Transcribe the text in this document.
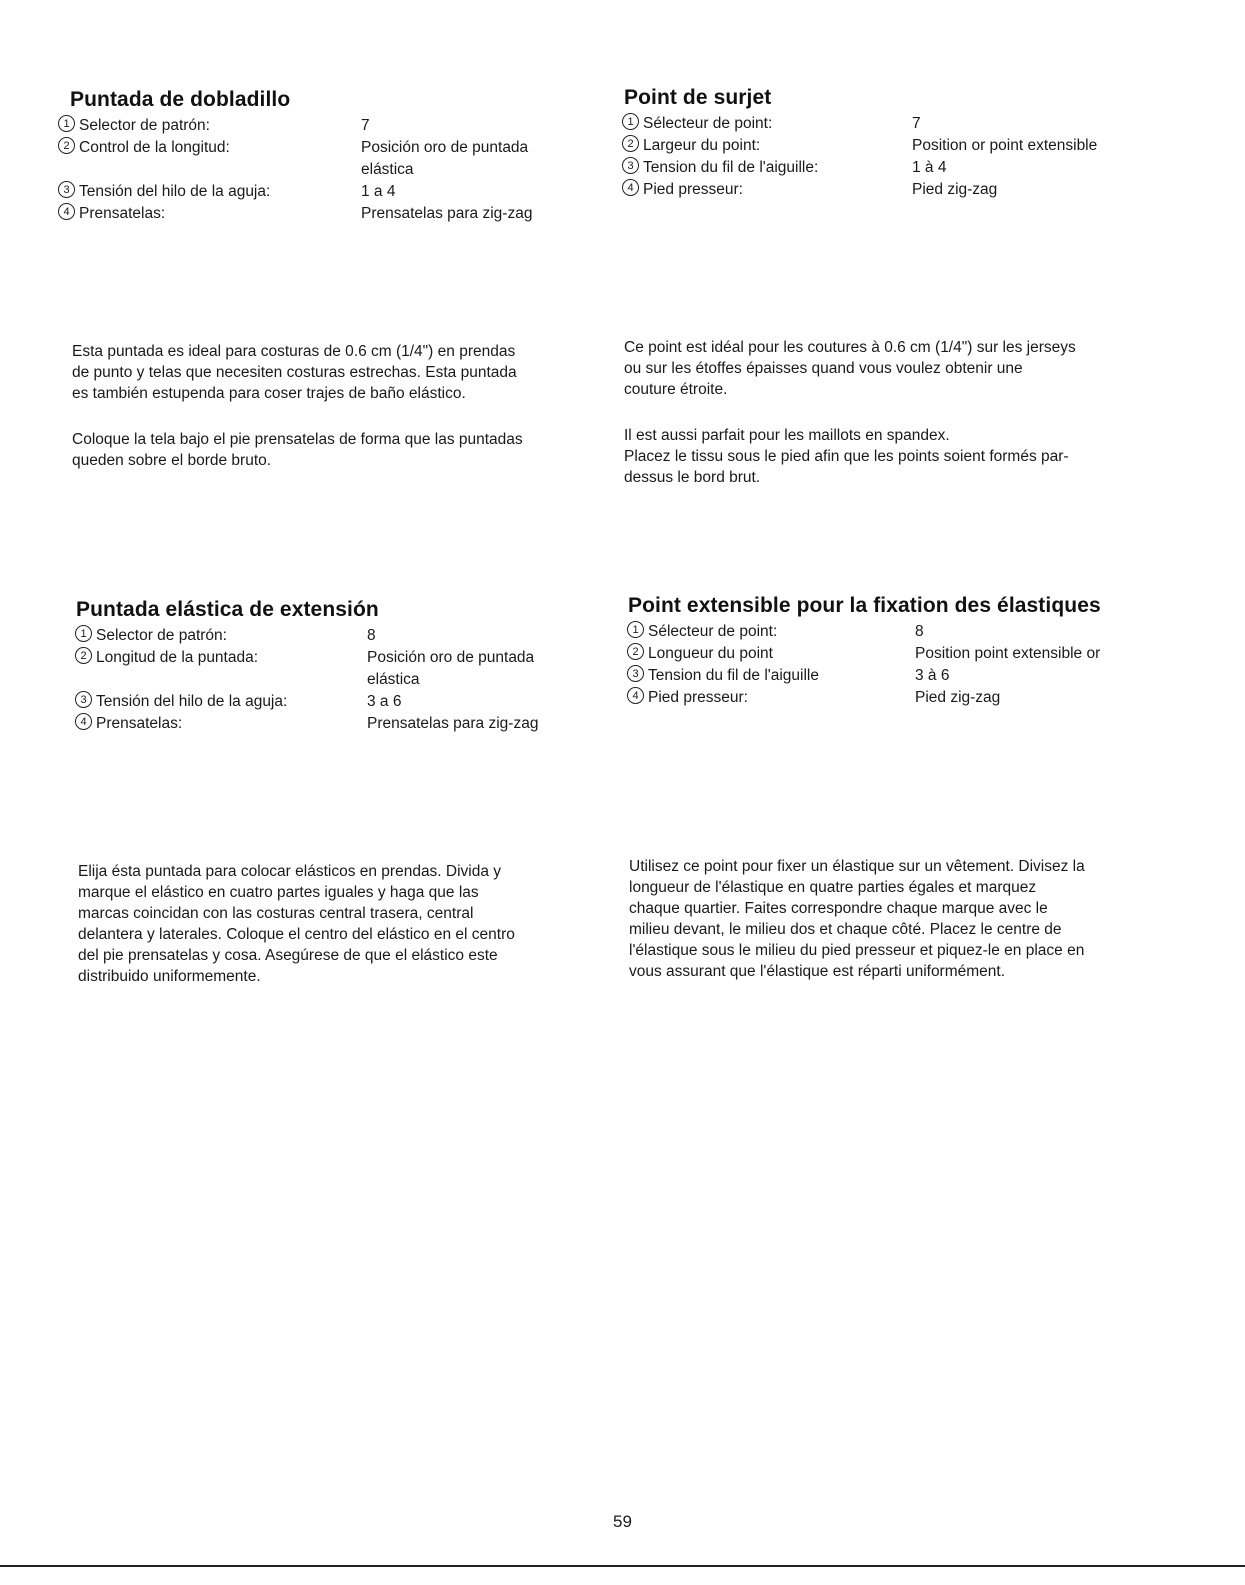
Puntada de dobladillo
1 Selector de patrón:	7
2 Control de la longitud:	Posición oro de puntada
elástica
3 Tensión del hilo de la aguja:	1 a 4
4 Prensatelas:	Prensatelas para zig-zag

Esta puntada es ideal para costuras de 0.6 cm (1/4") en prendas

de punto y telas que necesiten costuras estrechas. Esta puntada

es también estupenda para coser trajes de baño elástico.

Coloque la tela bajo el pie prensatelas de forma que las puntadas

queden sobre el borde bruto.

Point de surjet
1 Sélecteur de point:	7
2 Largeur du point:	Position or point extensible
3 Tension du fil de l'aiguille:	1 à 4
4 Pied presseur:	Pied zig-zag

Ce point est idéal pour les coutures à 0.6 cm (1/4") sur les jerseys

ou sur les étoffes épaisses quand vous voulez obtenir une

couture étroite.

Il est aussi parfait pour les maillots en spandex.

Placez le tissu sous le pied afin que les points soient formés par-

dessus le bord brut.

Puntada elástica de extensión
1 Selector de patrón:	8
2 Longitud de la puntada:	Posición oro de puntada
elástica
3 Tensión del hilo de la aguja:	3 a 6
4 Prensatelas:	Prensatelas para zig-zag

Elija ésta puntada para colocar elásticos en prendas. Divida y

marque el elástico en cuatro partes iguales y haga que las

marcas coincidan con las costuras central trasera, central

delantera y laterales. Coloque el centro del elástico en el centro

del pie prensatelas y cosa. Asegúrese de que el elástico este

distribuido uniformemente.

Point extensible pour la fixation des élastiques
1 Sélecteur de point:	8
2 Longueur du point	Position point extensible or
3 Tension du fil de l'aiguille	3 à 6
4 Pied presseur:	Pied zig-zag

Utilisez ce point pour fixer un élastique sur un vêtement. Divisez la

longueur de l'élastique en quatre parties égales et marquez

chaque quartier. Faites correspondre chaque marque avec le

milieu devant, le milieu dos et chaque côté. Placez le centre de

l'élastique sous le milieu du pied presseur et piquez-le en place en

vous assurant que l'élastique est réparti uniformément.

59
